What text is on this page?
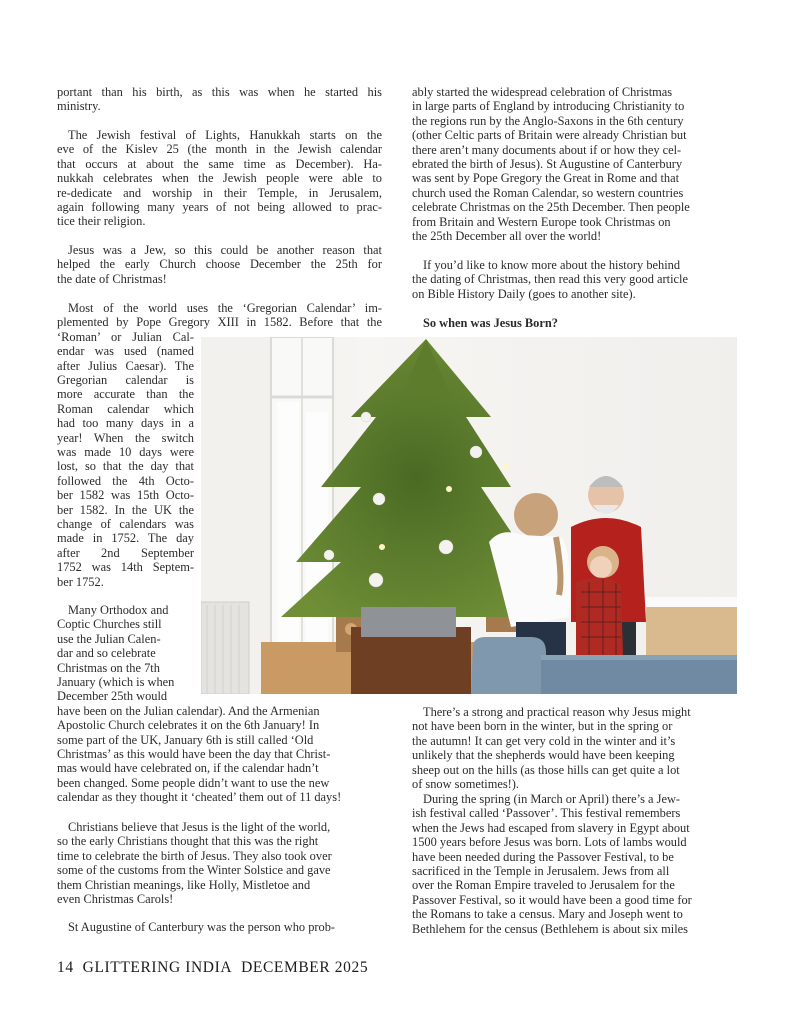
portant than his birth, as this was when he started his
ministry.
The Jewish festival of Lights, Hanukkah starts on the
eve of the Kislev 25 (the month in the Jewish calendar
that occurs at about the same time as December). Ha-
nukkah celebrates when the Jewish people were able to
re-dedicate and worship in their Temple, in Jerusalem,
again following many years of not being allowed to prac-
tice their religion.
Jesus was a Jew, so this could be another reason that
helped the early Church choose December the 25th for
the date of Christmas!
Most of the world uses the ‘Gregorian Calendar’ im-
plemented by Pope Gregory XIII in 1582. Before that the
‘Roman’ or Julian Cal-
endar was used (named
after Julius Caesar). The
Gregorian calendar is
more accurate than the
Roman calendar which
had too many days in a
year! When the switch
was made 10 days were
lost, so that the day that
followed the 4th Octo-
ber 1582 was 15th Octo-
ber 1582. In the UK the
change of calendars was
made in 1752. The day
after 2nd September
1752 was 14th Septem-
ber 1752.
Many Orthodox and
Coptic Churches still
use the Julian Calen-
dar and so celebrate
Christmas on the 7th
January (which is when
December 25th would
have been on the Julian calendar). And the Armenian
Apostolic Church celebrates it on the 6th January! In
some part of the UK, January 6th is still called ‘Old
Christmas’ as this would have been the day that Christ-
mas would have celebrated on, if the calendar hadn’t
been changed. Some people didn’t want to use the new
calendar as they thought it ‘cheated’ them out of 11 days!
Christians believe that Jesus is the light of the world,
so the early Christians thought that this was the right
time to celebrate the birth of Jesus. They also took over
some of the customs from the Winter Solstice and gave
them Christian meanings, like Holly, Mistletoe and
even Christmas Carols!
St Augustine of Canterbury was the person who prob-
ably started the widespread celebration of Christmas
in large parts of England by introducing Christianity to
the regions run by the Anglo-Saxons in the 6th century
(other Celtic parts of Britain were already Christian but
there aren’t many documents about if or how they cel-
ebrated the birth of Jesus). St Augustine of Canterbury
was sent by Pope Gregory the Great in Rome and that
church used the Roman Calendar, so western countries
celebrate Christmas on the 25th December. Then people
from Britain and Western Europe took Christmas on
the 25th December all over the world!
If you’d like to know more about the history behind
the dating of Christmas, then read this very good article
on Bible History Daily (goes to another site).
So when was Jesus Born?
There’s a strong and practical reason why Jesus might
not have been born in the winter, but in the spring or
the autumn! It can get very cold in the winter and it’s
unlikely that the shepherds would have been keeping
sheep out on the hills (as those hills can get quite a lot
of snow sometimes!).
During the spring (in March or April) there’s a Jew-
ish festival called ‘Passover’. This festival remembers
when the Jews had escaped from slavery in Egypt about
1500 years before Jesus was born. Lots of lambs would
have been needed during the Passover Festival, to be
sacrificed in the Temple in Jerusalem. Jews from all
over the Roman Empire traveled to Jerusalem for the
Passover Festival, so it would have been a good time for
the Romans to take a census. Mary and Joseph went to
Bethlehem for the census (Bethlehem is about six miles
14 GLITTERING INDIA DECEMBER 2025
